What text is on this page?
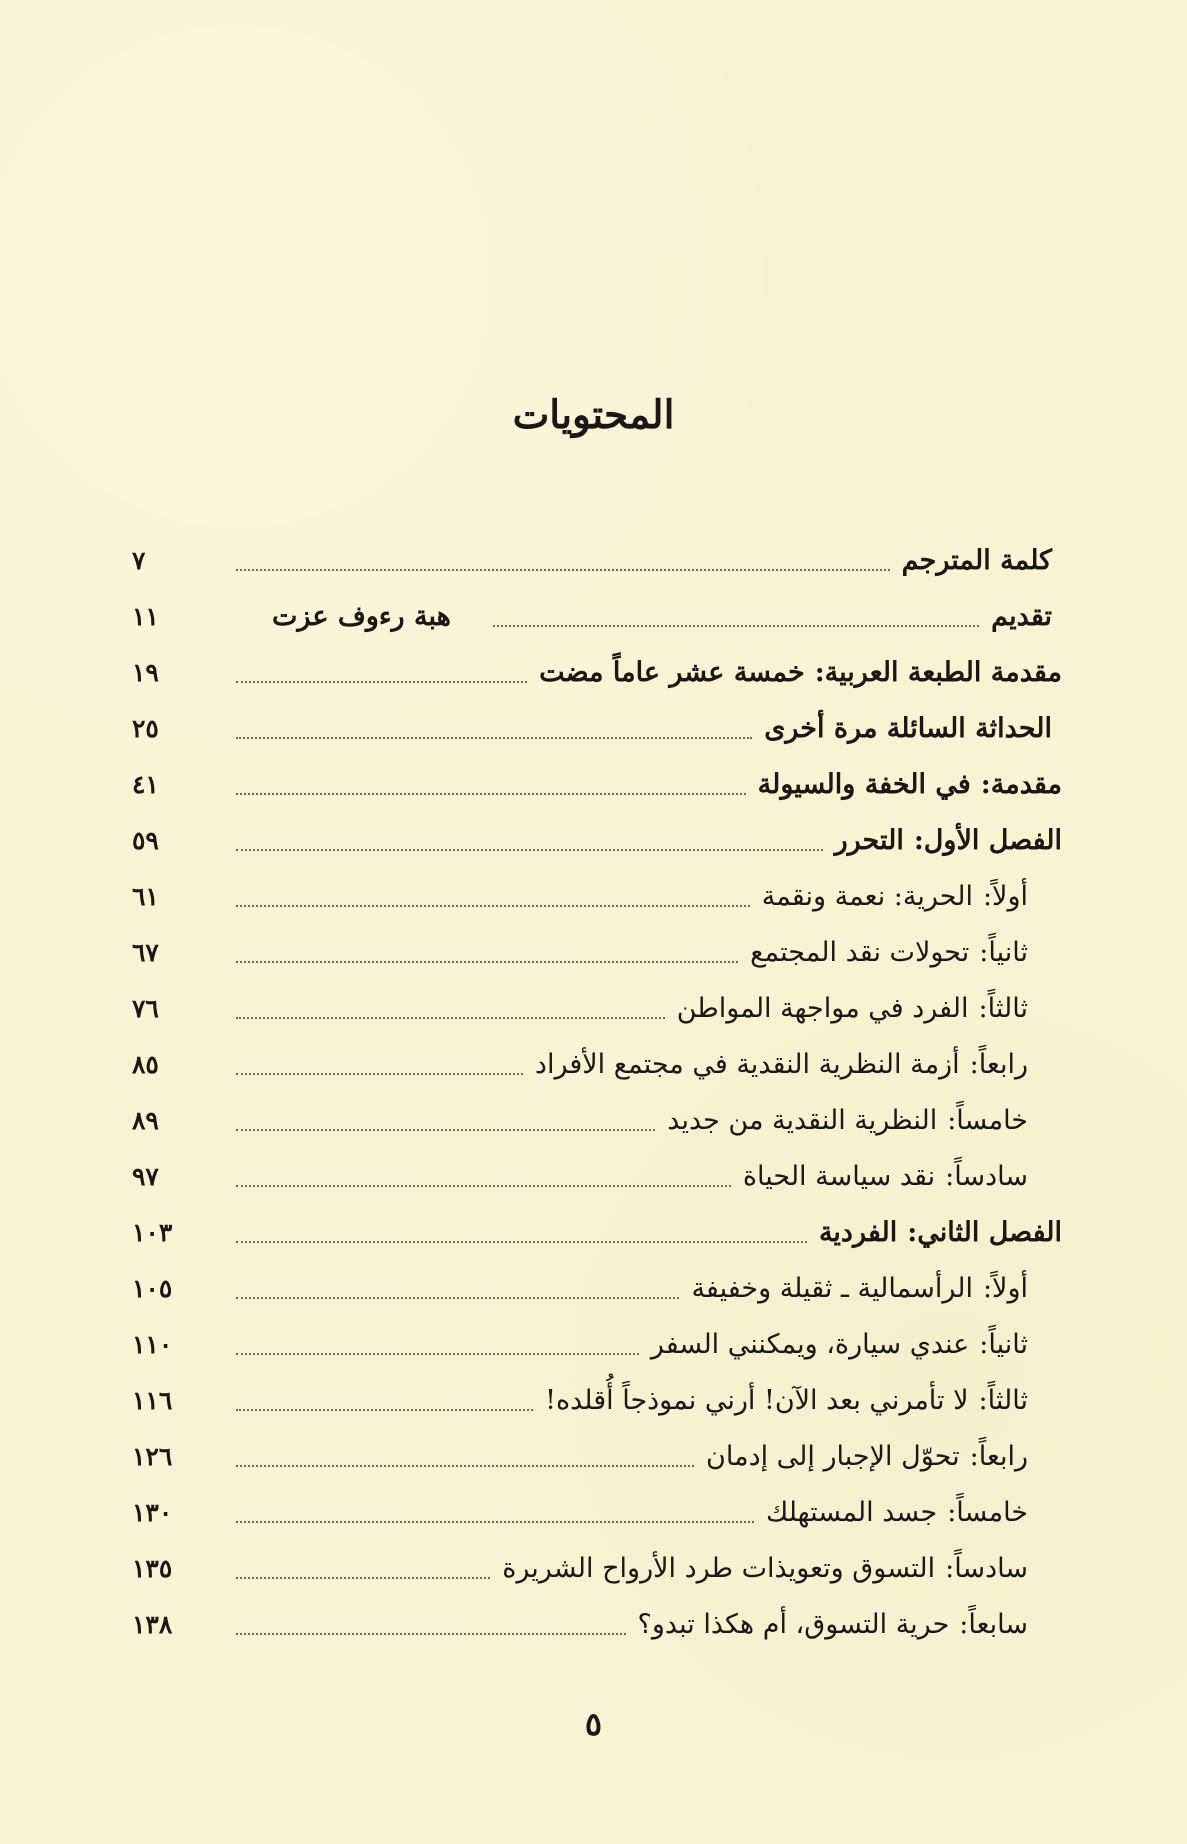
المحتويات
كلمة المترجم
٧
تقديم
هبة رءوف عزت
١١
مقدمة الطبعة العربية:
خمسة عشر عاماً مضت
١٩
الحداثة السائلة مرة أخرى
٢٥
مقدمة:
في الخفة والسيولة
٤١
الفصل الأول:
التحرر
٥٩
أولاً:
الحرية: نعمة ونقمة
٦١
ثانياً:
تحولات نقد المجتمع
٦٧
ثالثاً:
الفرد في مواجهة المواطن
٧٦
رابعاً:
أزمة النظرية النقدية في مجتمع الأفراد
٨٥
خامساً:
النظرية النقدية من جديد
٨٩
سادساً:
نقد سياسة الحياة
٩٧
الفصل الثاني:
الفردية
١٠٣
أولاً:
الرأسمالية ـ ثقيلة وخفيفة
١٠٥
ثانياً:
عندي سيارة، ويمكنني السفر
١١٠
ثالثاً:
لا تأمرني بعد الآن! أرني نموذجاً أُقلده!
١١٦
رابعاً:
تحوّل الإجبار إلى إدمان
١٢٦
خامساً:
جسد المستهلك
١٣٠
سادساً:
التسوق وتعويذات طرد الأرواح الشريرة
١٣٥
سابعاً:
حرية التسوق، أم هكذا تبدو؟
١٣٨
٥
